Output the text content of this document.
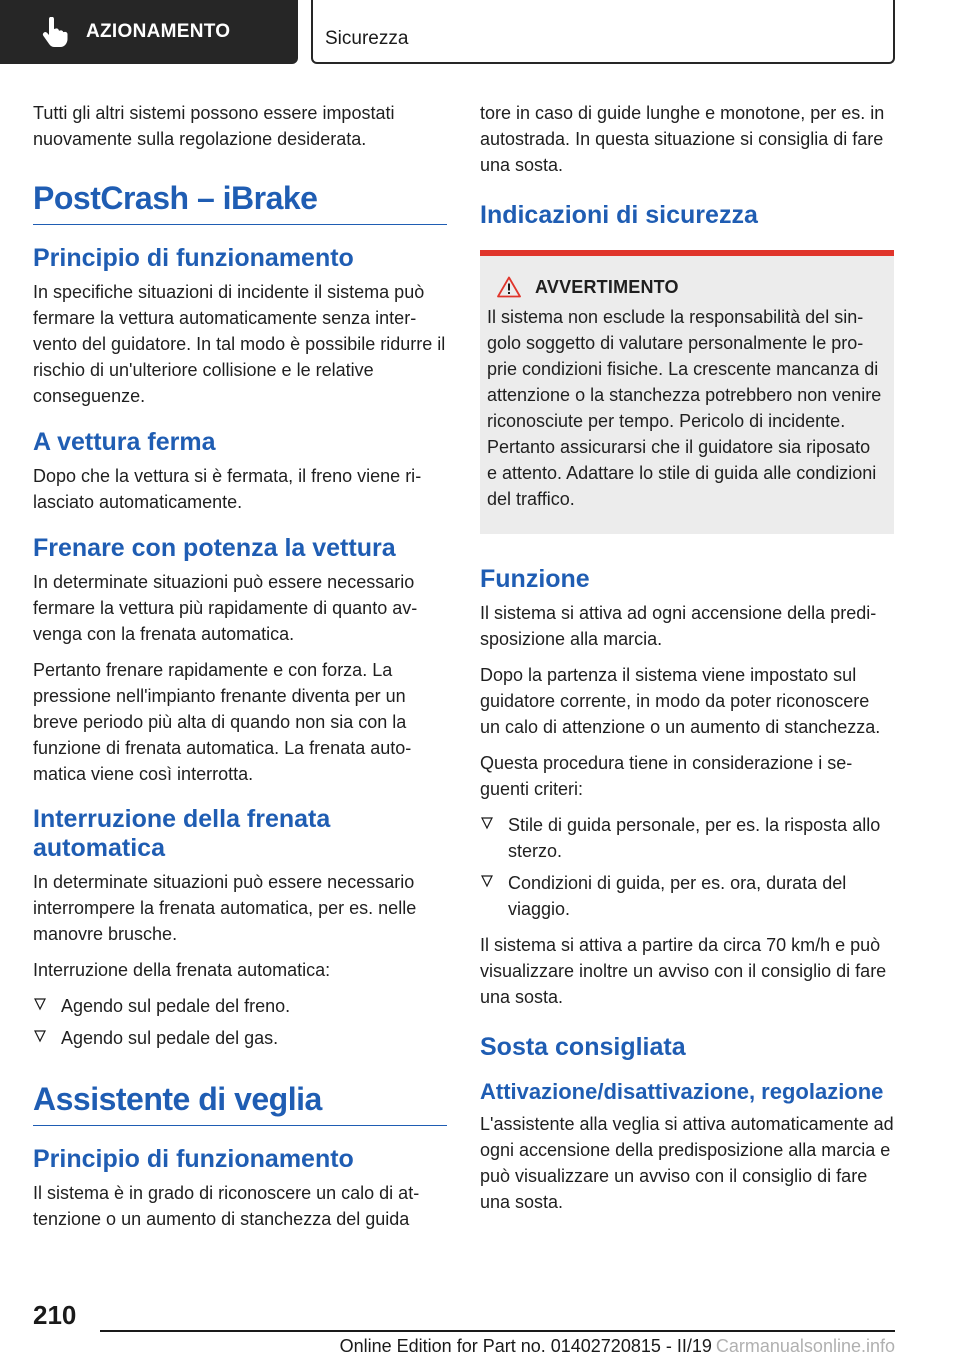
AZIONAMENTO	Sicurezza

Tutti gli altri sistemi possono essere impostati nuovamente sulla regolazione desiderata.

PostCrash – iBrake
Principio di funzionamento

In specifiche situazioni di incidente il sistema può fermare la vettura automaticamente senza intervento del guidatore. In tal modo è possibile ridurre il rischio di un'ulteriore collisione e le relative conseguenze.

A vettura ferma

Dopo che la vettura si è fermata, il freno viene rilasciato automaticamente.

Frenare con potenza la vettura

In determinate situazioni può essere necessario fermare la vettura più rapidamente di quanto avvenga con la frenata automatica.

Pertanto frenare rapidamente e con forza. La pressione nell'impianto frenante diventa per un breve periodo più alta di quando non sia con la funzione di frenata automatica. La frenata automatica viene così interrotta.

Interruzione della frenata automatica

In determinate situazioni può essere necessario interrompere la frenata automatica, per es. nelle manovre brusche.

Interruzione della frenata automatica:

Agendo sul pedale del freno.
Agendo sul pedale del gas.
Assistente di veglia
Principio di funzionamento

Il sistema è in grado di riconoscere un calo di attenzione o un aumento di stanchezza del guida

tore in caso di guide lunghe e monotone, per es. in autostrada. In questa situazione si consiglia di fare una sosta.

Indicazioni di sicurezza
AVVERTIMENTO

Il sistema non esclude la responsabilità del singolo soggetto di valutare personalmente le proprie condizioni fisiche. La crescente mancanza di attenzione o la stanchezza potrebbero non venire riconosciute per tempo. Pericolo di incidente. Pertanto assicurarsi che il guidatore sia riposato e attento. Adattare lo stile di guida alle condizioni del traffico.

Funzione

Il sistema si attiva ad ogni accensione della predisposizione alla marcia.

Dopo la partenza il sistema viene impostato sul guidatore corrente, in modo da poter riconoscere un calo di attenzione o un aumento di stanchezza.

Questa procedura tiene in considerazione i seguenti criteri:

Stile di guida personale, per es. la risposta allo sterzo.
Condizioni di guida, per es. ora, durata del viaggio.

Il sistema si attiva a partire da circa 70 km/h e può visualizzare inoltre un avviso con il consiglio di fare una sosta.

Sosta consigliata
Attivazione/disattivazione, regolazione

L'assistente alla veglia si attiva automaticamente ad ogni accensione della predisposizione alla marcia e può visualizzare un avviso con il consiglio di fare una sosta.

210
Online Edition for Part no. 01402720815 - II/19 Carmanualsonline.info
